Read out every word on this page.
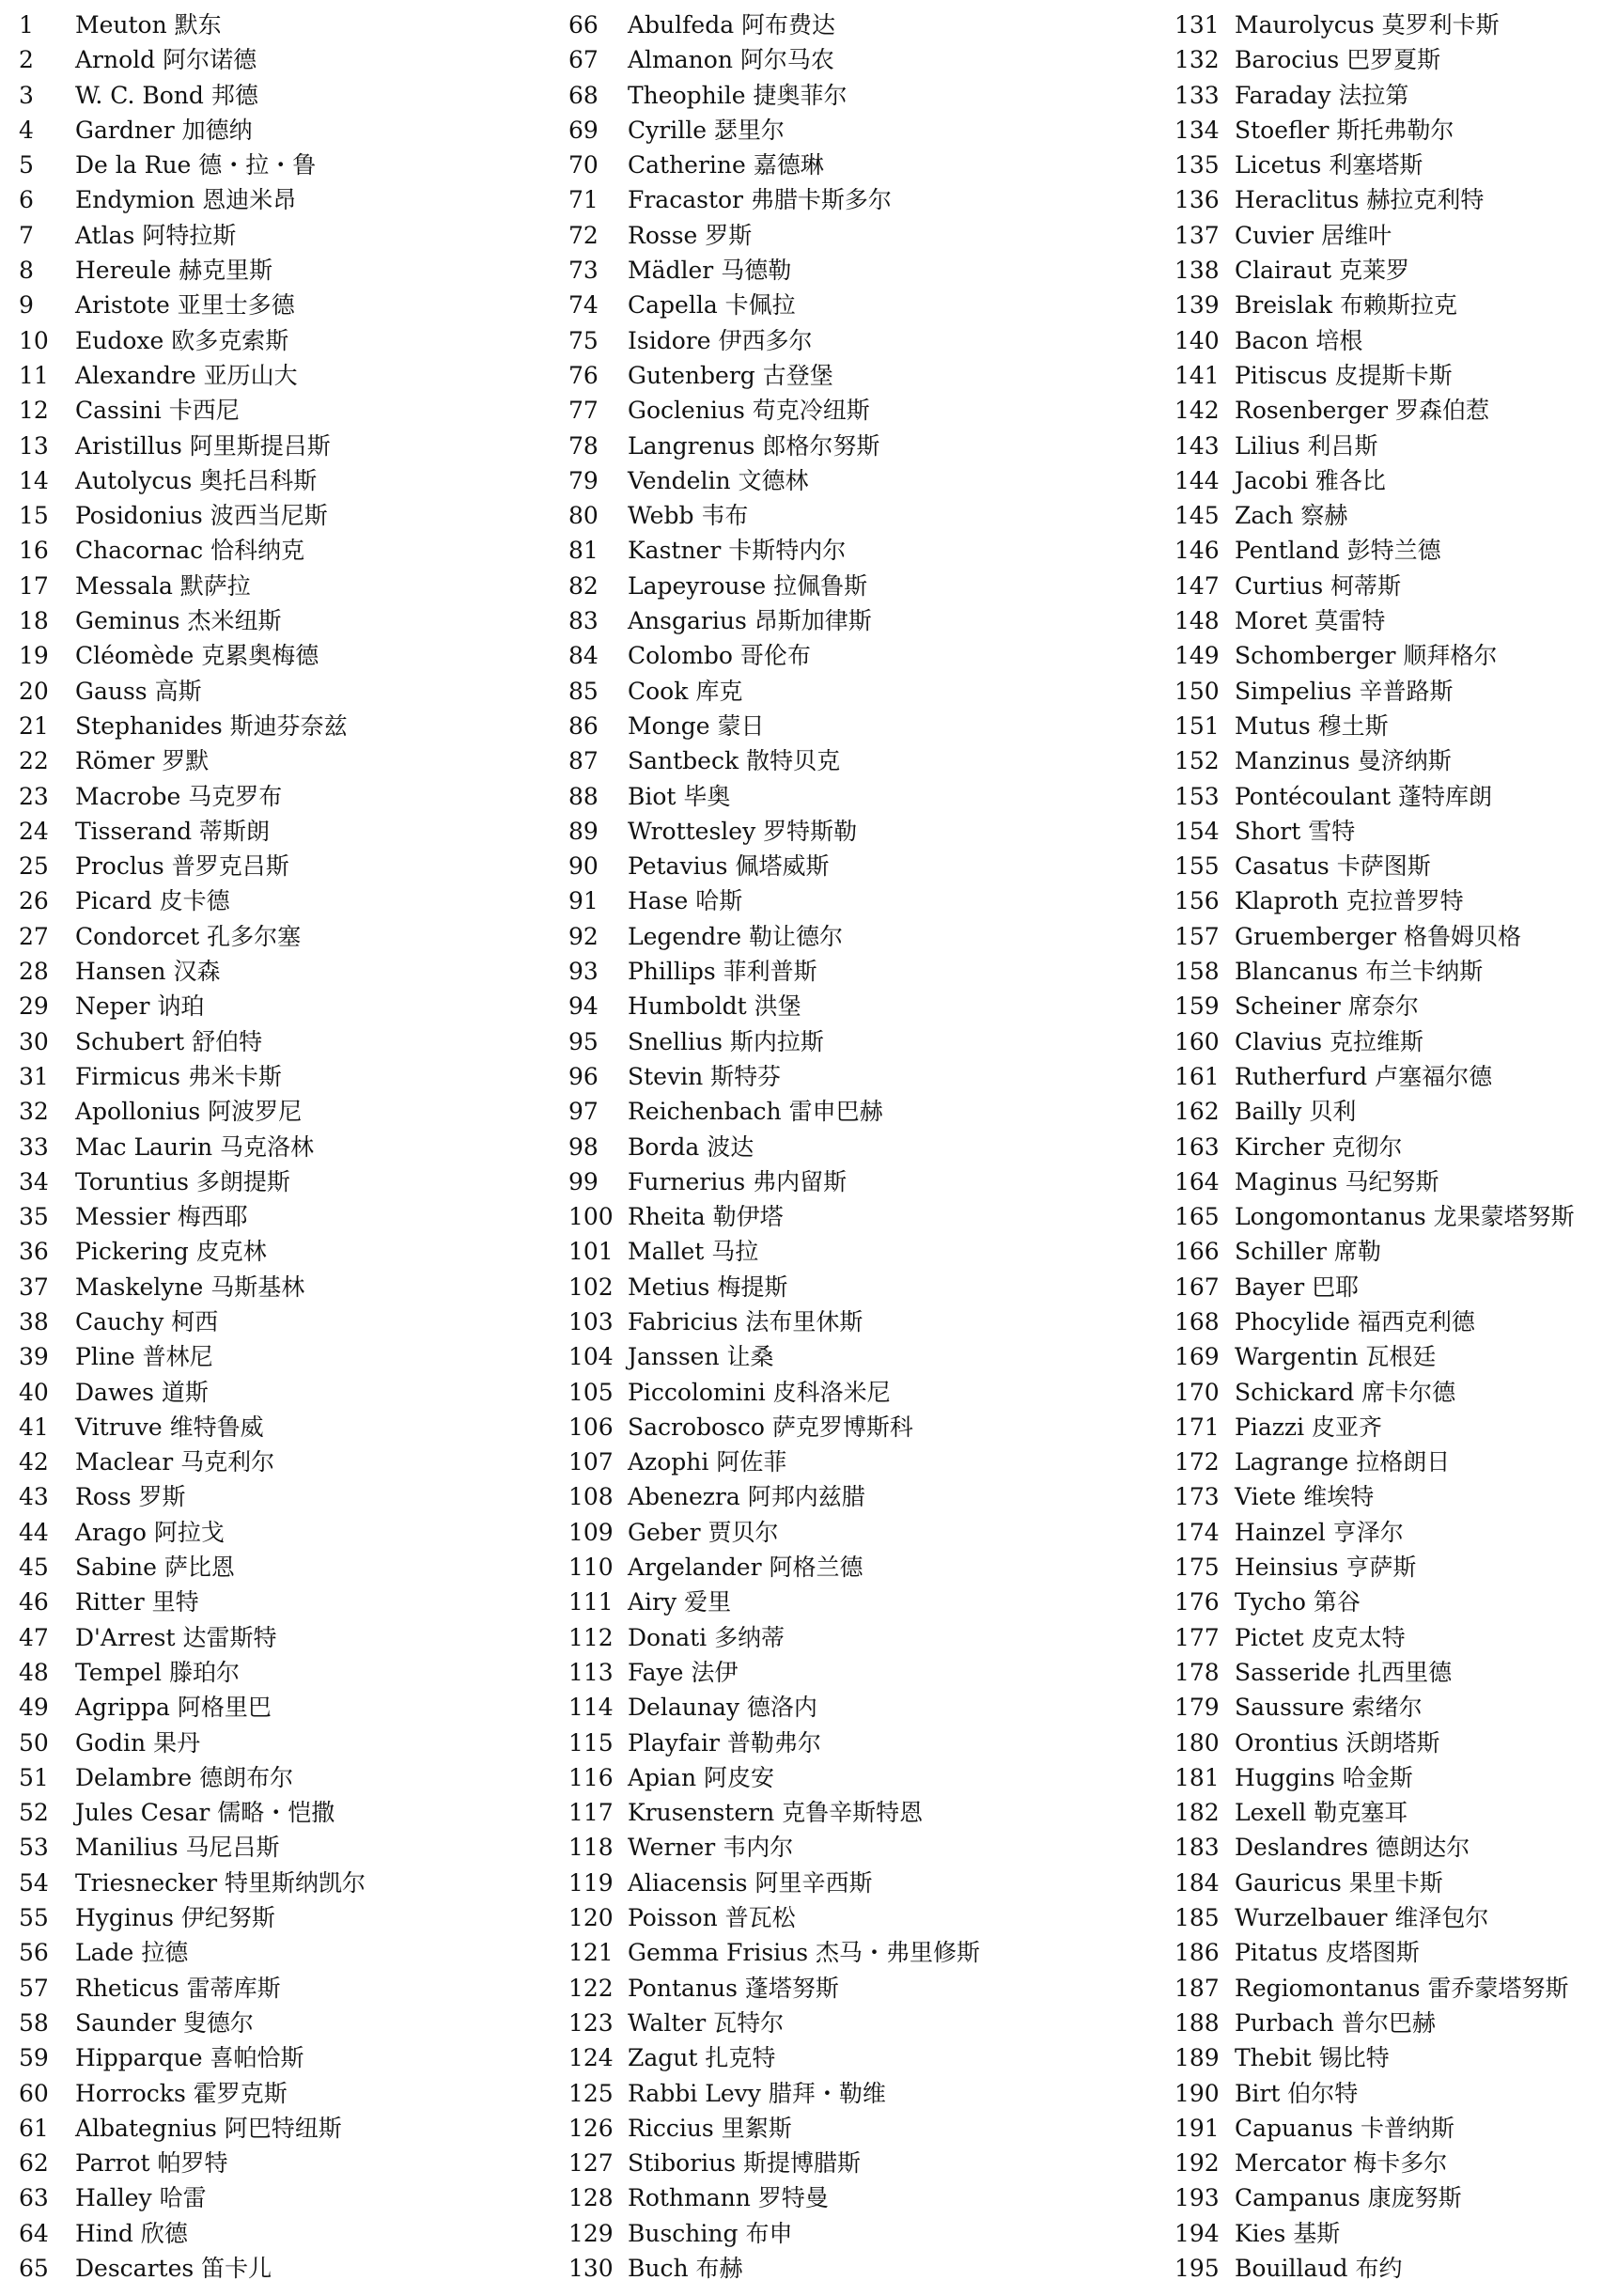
1 Meuton 默东
2 Arnold 阿尔诺德
3 W. C. Bond 邦德
4 Gardner 加德纳
5 De la Rue 德・拉・鲁
6 Endymion 恩迪米昂
7 Atlas 阿特拉斯
8 Hereule 赫克里斯
9 Aristote 亚里士多德
10 Eudoxe 欧多克索斯
11 Alexandre 亚历山大
12 Cassini 卡西尼
13 Aristillus 阿里斯提吕斯
14 Autolycus 奥托吕科斯
15 Posidonius 波西当尼斯
16 Chacornac 恰科纳克
17 Messala 默萨拉
18 Geminus 杰米纽斯
19 Cléomède 克累奥梅德
20 Gauss 高斯
21 Stephanides 斯迪芬奈兹
22 Römer 罗默
23 Macrobe 马克罗布
24 Tisserand 蒂斯朗
25 Proclus 普罗克吕斯
26 Picard 皮卡德
27 Condorcet 孔多尔塞
28 Hansen 汉森
29 Neper 讷珀
30 Schubert 舒伯特
31 Firmicus 弗米卡斯
32 Apollonius 阿波罗尼
33 Mac Laurin 马克洛林
34 Toruntius 多朗提斯
35 Messier 梅西耶
36 Pickering 皮克林
37 Maskelyne 马斯基林
38 Cauchy 柯西
39 Pline 普林尼
40 Dawes 道斯
41 Vitruve 维特鲁威
42 Maclear 马克利尔
43 Ross 罗斯
44 Arago 阿拉戈
45 Sabine 萨比恩
46 Ritter 里特
47 D'Arrest 达雷斯特
48 Tempel 滕珀尔
49 Agrippa 阿格里巴
50 Godin 果丹
51 Delambre 德朗布尔
52 Jules Cesar 儒略・恺撒
53 Manilius 马尼吕斯
54 Triesnecker 特里斯纳凯尔
55 Hyginus 伊纪努斯
56 Lade 拉德
57 Rheticus 雷蒂库斯
58 Saunder 叟德尔
59 Hipparque 喜帕恰斯
60 Horrocks 霍罗克斯
61 Albategnius 阿巴特纽斯
62 Parrot 帕罗特
63 Halley 哈雷
64 Hind 欣德
65 Descartes 笛卡儿
66 Abulfeda 阿布费达
67 Almanon 阿尔马农
68 Theophile 捷奥菲尔
69 Cyrille 瑟里尔
70 Catherine 嘉德琳
71 Fracastor 弗腊卡斯多尔
72 Rosse 罗斯
73 Mädler 马德勒
74 Capella 卡佩拉
75 Isidore 伊西多尔
76 Gutenberg 古登堡
77 Goclenius 苟克冷纽斯
78 Langrenus 郎格尔努斯
79 Vendelin 文德林
80 Webb 韦布
81 Kastner 卡斯特内尔
82 Lapeyrouse 拉佩鲁斯
83 Ansgarius 昂斯加律斯
84 Colombo 哥伦布
85 Cook 库克
86 Monge 蒙日
87 Santbeck 散特贝克
88 Biot 毕奥
89 Wrottesley 罗特斯勒
90 Petavius 佩塔威斯
91 Hase 哈斯
92 Legendre 勒让德尔
93 Phillips 菲利普斯
94 Humboldt 洪堡
95 Snellius 斯内拉斯
96 Stevin 斯特芬
97 Reichenbach 雷申巴赫
98 Borda 波达
99 Furnerius 弗内留斯
100 Rheita 勒伊塔
101 Mallet 马拉
102 Metius 梅提斯
103 Fabricius 法布里休斯
104 Janssen 让桑
105 Piccolomini 皮科洛米尼
106 Sacrobosco 萨克罗博斯科
107 Azophi 阿佐菲
108 Abenezra 阿邦内兹腊
109 Geber 贾贝尔
110 Argelander 阿格兰德
111 Airy 爱里
112 Donati 多纳蒂
113 Faye 法伊
114 Delaunay 德洛内
115 Playfair 普勒弗尔
116 Apian 阿皮安
117 Krusenstern 克鲁辛斯特恩
118 Werner 韦内尔
119 Aliacensis 阿里辛西斯
120 Poisson 普瓦松
121 Gemma Frisius 杰马・弗里修斯
122 Pontanus 蓬塔努斯
123 Walter 瓦特尔
124 Zagut 扎克特
125 Rabbi Levy 腊拜・勒维
126 Riccius 里絮斯
127 Stiborius 斯提博腊斯
128 Rothmann 罗特曼
129 Busching 布申
130 Buch 布赫
131 Maurolycus 莫罗利卡斯
132 Barocius 巴罗夏斯
133 Faraday 法拉第
134 Stoefler 斯托弗勒尔
135 Licetus 利塞塔斯
136 Heraclitus 赫拉克利特
137 Cuvier 居维叶
138 Clairaut 克莱罗
139 Breislak 布赖斯拉克
140 Bacon 培根
141 Pitiscus 皮提斯卡斯
142 Rosenberger 罗森伯惹
143 Lilius 利吕斯
144 Jacobi 雅各比
145 Zach 察赫
146 Pentland 彭特兰德
147 Curtius 柯蒂斯
148 Moret 莫雷特
149 Schomberger 顺拜格尔
150 Simpelius 辛普路斯
151 Mutus 穆土斯
152 Manzinus 曼济纳斯
153 Pontécoulant 蓬特库朗
154 Short 雪特
155 Casatus 卡萨图斯
156 Klaproth 克拉普罗特
157 Gruemberger 格鲁姆贝格
158 Blancanus 布兰卡纳斯
159 Scheiner 席奈尔
160 Clavius 克拉维斯
161 Rutherfurd 卢塞福尔德
162 Bailly 贝利
163 Kircher 克彻尔
164 Maginus 马纪努斯
165 Longomontanus 龙果蒙塔努斯
166 Schiller 席勒
167 Bayer 巴耶
168 Phocylide 福西克利德
169 Wargentin 瓦根廷
170 Schickard 席卡尔德
171 Piazzi 皮亚齐
172 Lagrange 拉格朗日
173 Viete 维埃特
174 Hainzel 亨泽尔
175 Heinsius 亨萨斯
176 Tycho 第谷
177 Pictet 皮克太特
178 Sasseride 扎西里德
179 Saussure 索绪尔
180 Orontius 沃朗塔斯
181 Huggins 哈金斯
182 Lexell 勒克塞耳
183 Deslandres 德朗达尔
184 Gauricus 果里卡斯
185 Wurzelbauer 维泽包尔
186 Pitatus 皮塔图斯
187 Regiomontanus 雷乔蒙塔努斯
188 Purbach 普尔巴赫
189 Thebit 锡比特
190 Birt 伯尔特
191 Capuanus 卡普纳斯
192 Mercator 梅卡多尔
193 Campanus 康庞努斯
194 Kies 基斯
195 Bouillaud 布约
